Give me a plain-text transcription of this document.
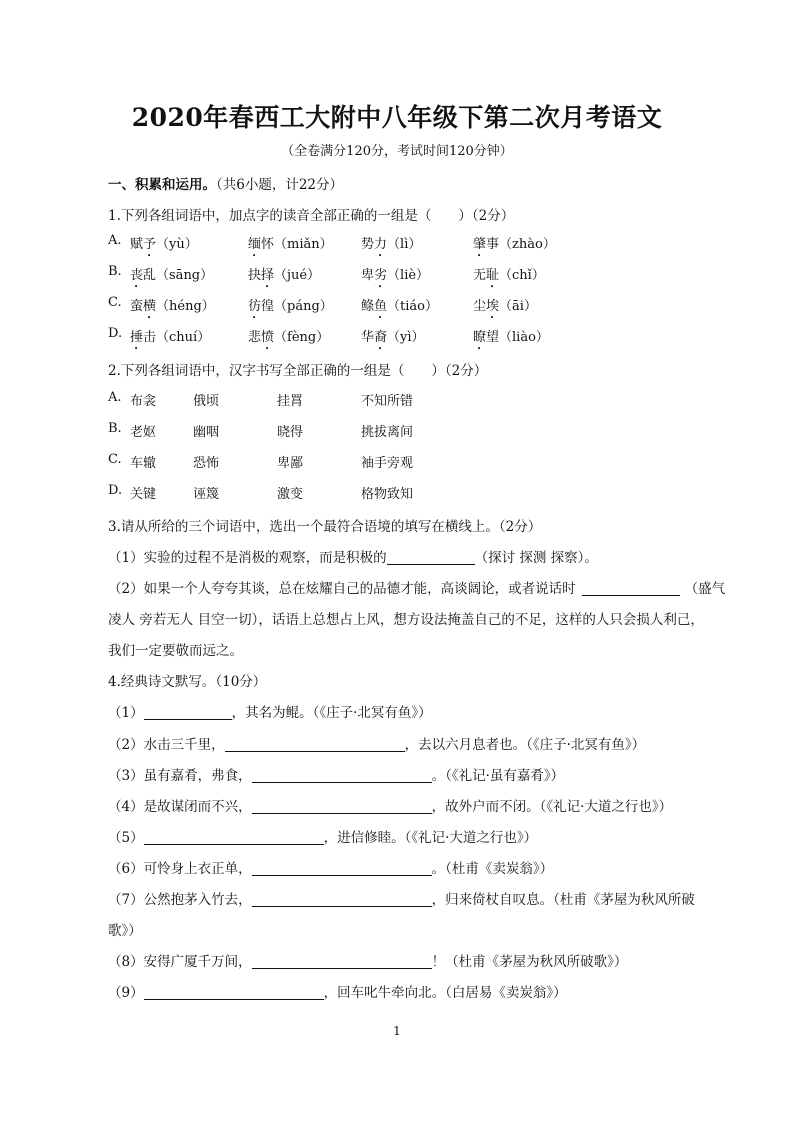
2020年春西工大附中八年级下第二次月考语文
（全卷满分120分，考试时间120分钟）
一、积累和运用。（共6小题，计22分）
1.下列各组词语中，加点字的读音全部正确的一组是（　　）（2分）
A. 赋予（yù）	缅怀（miǎn） 势力（lì）	肇事（zhào）
B. 丧乱（sāng）	抉择（jué）	卑劣（liè）	无耻（chǐ）
C. 蛮横（héng）	彷徨（páng） 鲦鱼（tiáo）	尘埃（āi）
D. 捶击（chuí）	悲愤（fèng） 华裔（yì）	瞭望（liào）
2.下列各组词语中，汉字书写全部正确的一组是（　　）（2分）
A. 布衾	俄顷	挂罥	不知所错
B. 老妪	幽咽	晓得	挑拔离间
C. 车辙	恐怖	卑鄙	袖手旁观
D. 关键	诬篾	激变	格物致知
3.请从所给的三个词语中，选出一个最符合语境的填写在横线上。（2分）
（1）实验的过程不是消极的观察，而是积极的	（探讨 探测 探察）。
（2）如果一个人夸夸其谈，总在炫耀自己的品德才能，高谈阔论，或者说话时	（盛气
凌人 旁若无人 目空一切），话语上总想占上风，想方设法掩盖自己的不足，这样的人只会损人利己，
我们一定要敬而远之。
4.经典诗文默写。（10分）
（1）	，其名为鲲。（《庄子·北冥有鱼》）
（2）水击三千里，	，去以六月息者也。（《庄子·北冥有鱼》）
（3）虽有嘉肴，弗食，	。（《礼记·虽有嘉肴》）
（4）是故谋闭而不兴，	，故外户而不闭。（《礼记·大道之行也》）
（5）	，进信修睦。（《礼记·大道之行也》）
（6）可怜身上衣正单，	。（杜甫《卖炭翁》）
（7）公然抱茅入竹去，	，归来倚杖自叹息。（杜甫《茅屋为秋风所破
歌》）
（8）安得广厦千万间，	！（杜甫《茅屋为秋风所破歌》）
（9）	，回车叱牛牵向北。（白居易《卖炭翁》）
1
